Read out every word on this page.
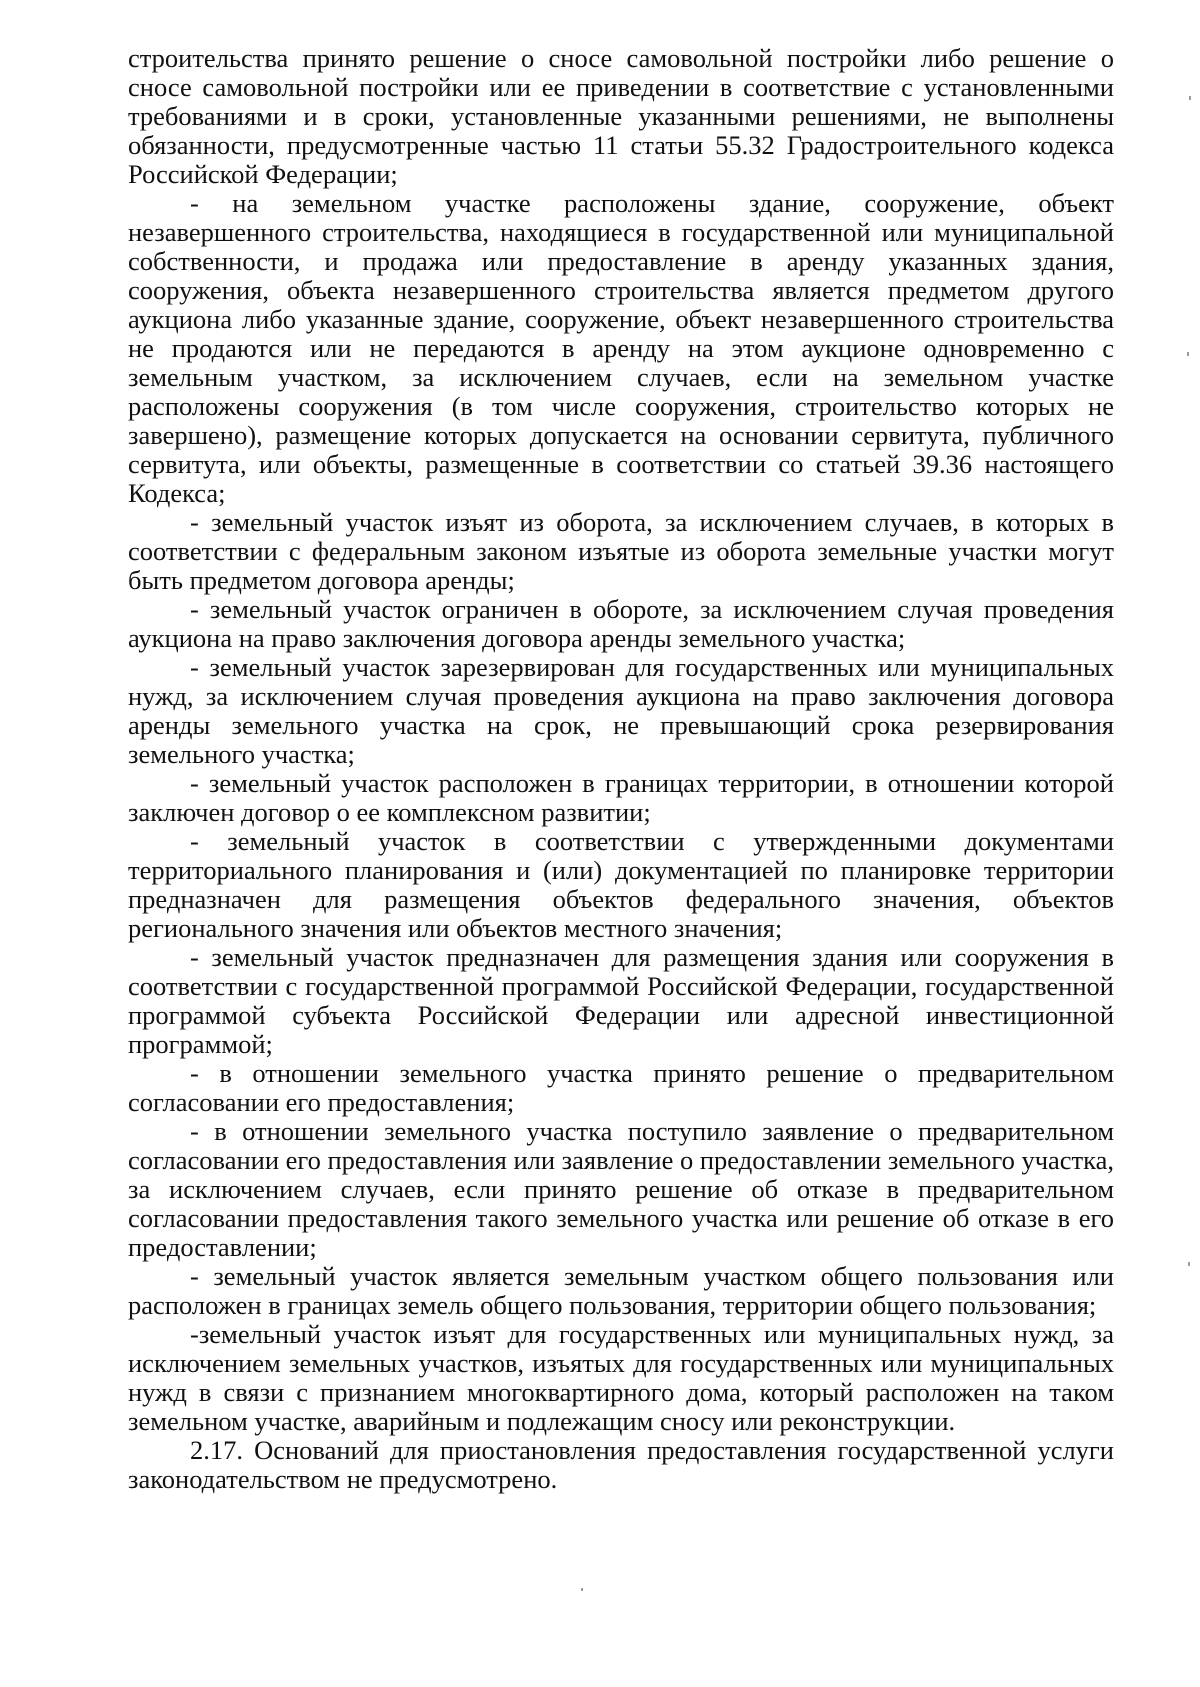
строительства принято решение о сносе самовольной постройки либо решение о сносе самовольной постройки или ее приведении в соответствие с установленными требованиями и в сроки, установленные указанными решениями, не выполнены обязанности, предусмотренные частью 11 статьи 55.32 Градостроительного кодекса Российской Федерации;

- на земельном участке расположены здание, сооружение, объект незавершенного строительства, находящиеся в государственной или муниципальной собственности, и продажа или предоставление в аренду указанных здания, сооружения, объекта незавершенного строительства является предметом другого аукциона либо указанные здание, сооружение, объект незавершенного строительства не продаются или не передаются в аренду на этом аукционе одновременно с земельным участком, за исключением случаев, если на земельном участке расположены сооружения (в том числе сооружения, строительство которых не завершено), размещение которых допускается на основании сервитута, публичного сервитута, или объекты, размещенные в соответствии со статьей 39.36 настоящего Кодекса;

- земельный участок изъят из оборота, за исключением случаев, в которых в соответствии с федеральным законом изъятые из оборота земельные участки могут быть предметом договора аренды;

- земельный участок ограничен в обороте, за исключением случая проведения аукциона на право заключения договора аренды земельного участка;

- земельный участок зарезервирован для государственных или муниципальных нужд, за исключением случая проведения аукциона на право заключения договора аренды земельного участка на срок, не превышающий срока резервирования земельного участка;

- земельный участок расположен в границах территории, в отношении которой заключен договор о ее комплексном развитии;

- земельный участок в соответствии с утвержденными документами территориального планирования и (или) документацией по планировке территории предназначен для размещения объектов федерального значения, объектов регионального значения или объектов местного значения;

- земельный участок предназначен для размещения здания или сооружения в соответствии с государственной программой Российской Федерации, государственной программой субъекта Российской Федерации или адресной инвестиционной программой;

- в отношении земельного участка принято решение о предварительном согласовании его предоставления;

- в отношении земельного участка поступило заявление о предварительном согласовании его предоставления или заявление о предоставлении земельного участка, за исключением случаев, если принято решение об отказе в предварительном согласовании предоставления такого земельного участка или решение об отказе в его предоставлении;

- земельный участок является земельным участком общего пользования или расположен в границах земель общего пользования, территории общего пользования;

-земельный участок изъят для государственных или муниципальных нужд, за исключением земельных участков, изъятых для государственных или муниципальных нужд в связи с признанием многоквартирного дома, который расположен на таком земельном участке, аварийным и подлежащим сносу или реконструкции.

2.17. Оснований для приостановления предоставления государственной услуги законодательством не предусмотрено.
